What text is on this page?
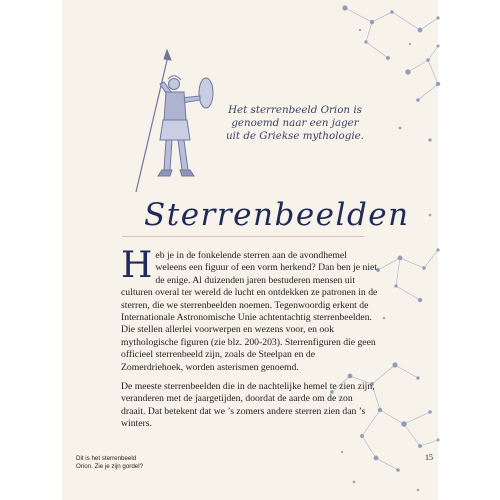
Het sterrenbeeld Orion is genoemd naar een jager uit de Griekse mythologie.

Sterrenbeelden

Heb je in de fonkelende sterren aan de avondhemel weleens een figuur of een vorm herkend? Dan ben je niet de enige. Al duizenden jaren bestuderen mensen uit culturen overal ter wereld de lucht en ontdekken ze patronen in de sterren, die we sterrenbeelden noemen. Tegenwoordig erkent de Internationale Astronomische Unie achtentachtig sterrenbeelden. Die stellen allerlei voorwerpen en wezens voor, en ook mythologische figuren (zie blz. 200-203). Sterrenfiguren die geen officieel sterrenbeeld zijn, zoals de Steelpan en de Zomerdriehoek, worden asterismen genoemd.

De meeste sterrenbeelden die in de nachtelijke hemel te zien zijn, veranderen met de jaargetijden, doordat de aarde om de zon draait. Dat betekent dat we ’s zomers andere sterren zien dan ’s winters.

Dit is het sterrenbeeld Orion. Zie je zijn gordel?

15
